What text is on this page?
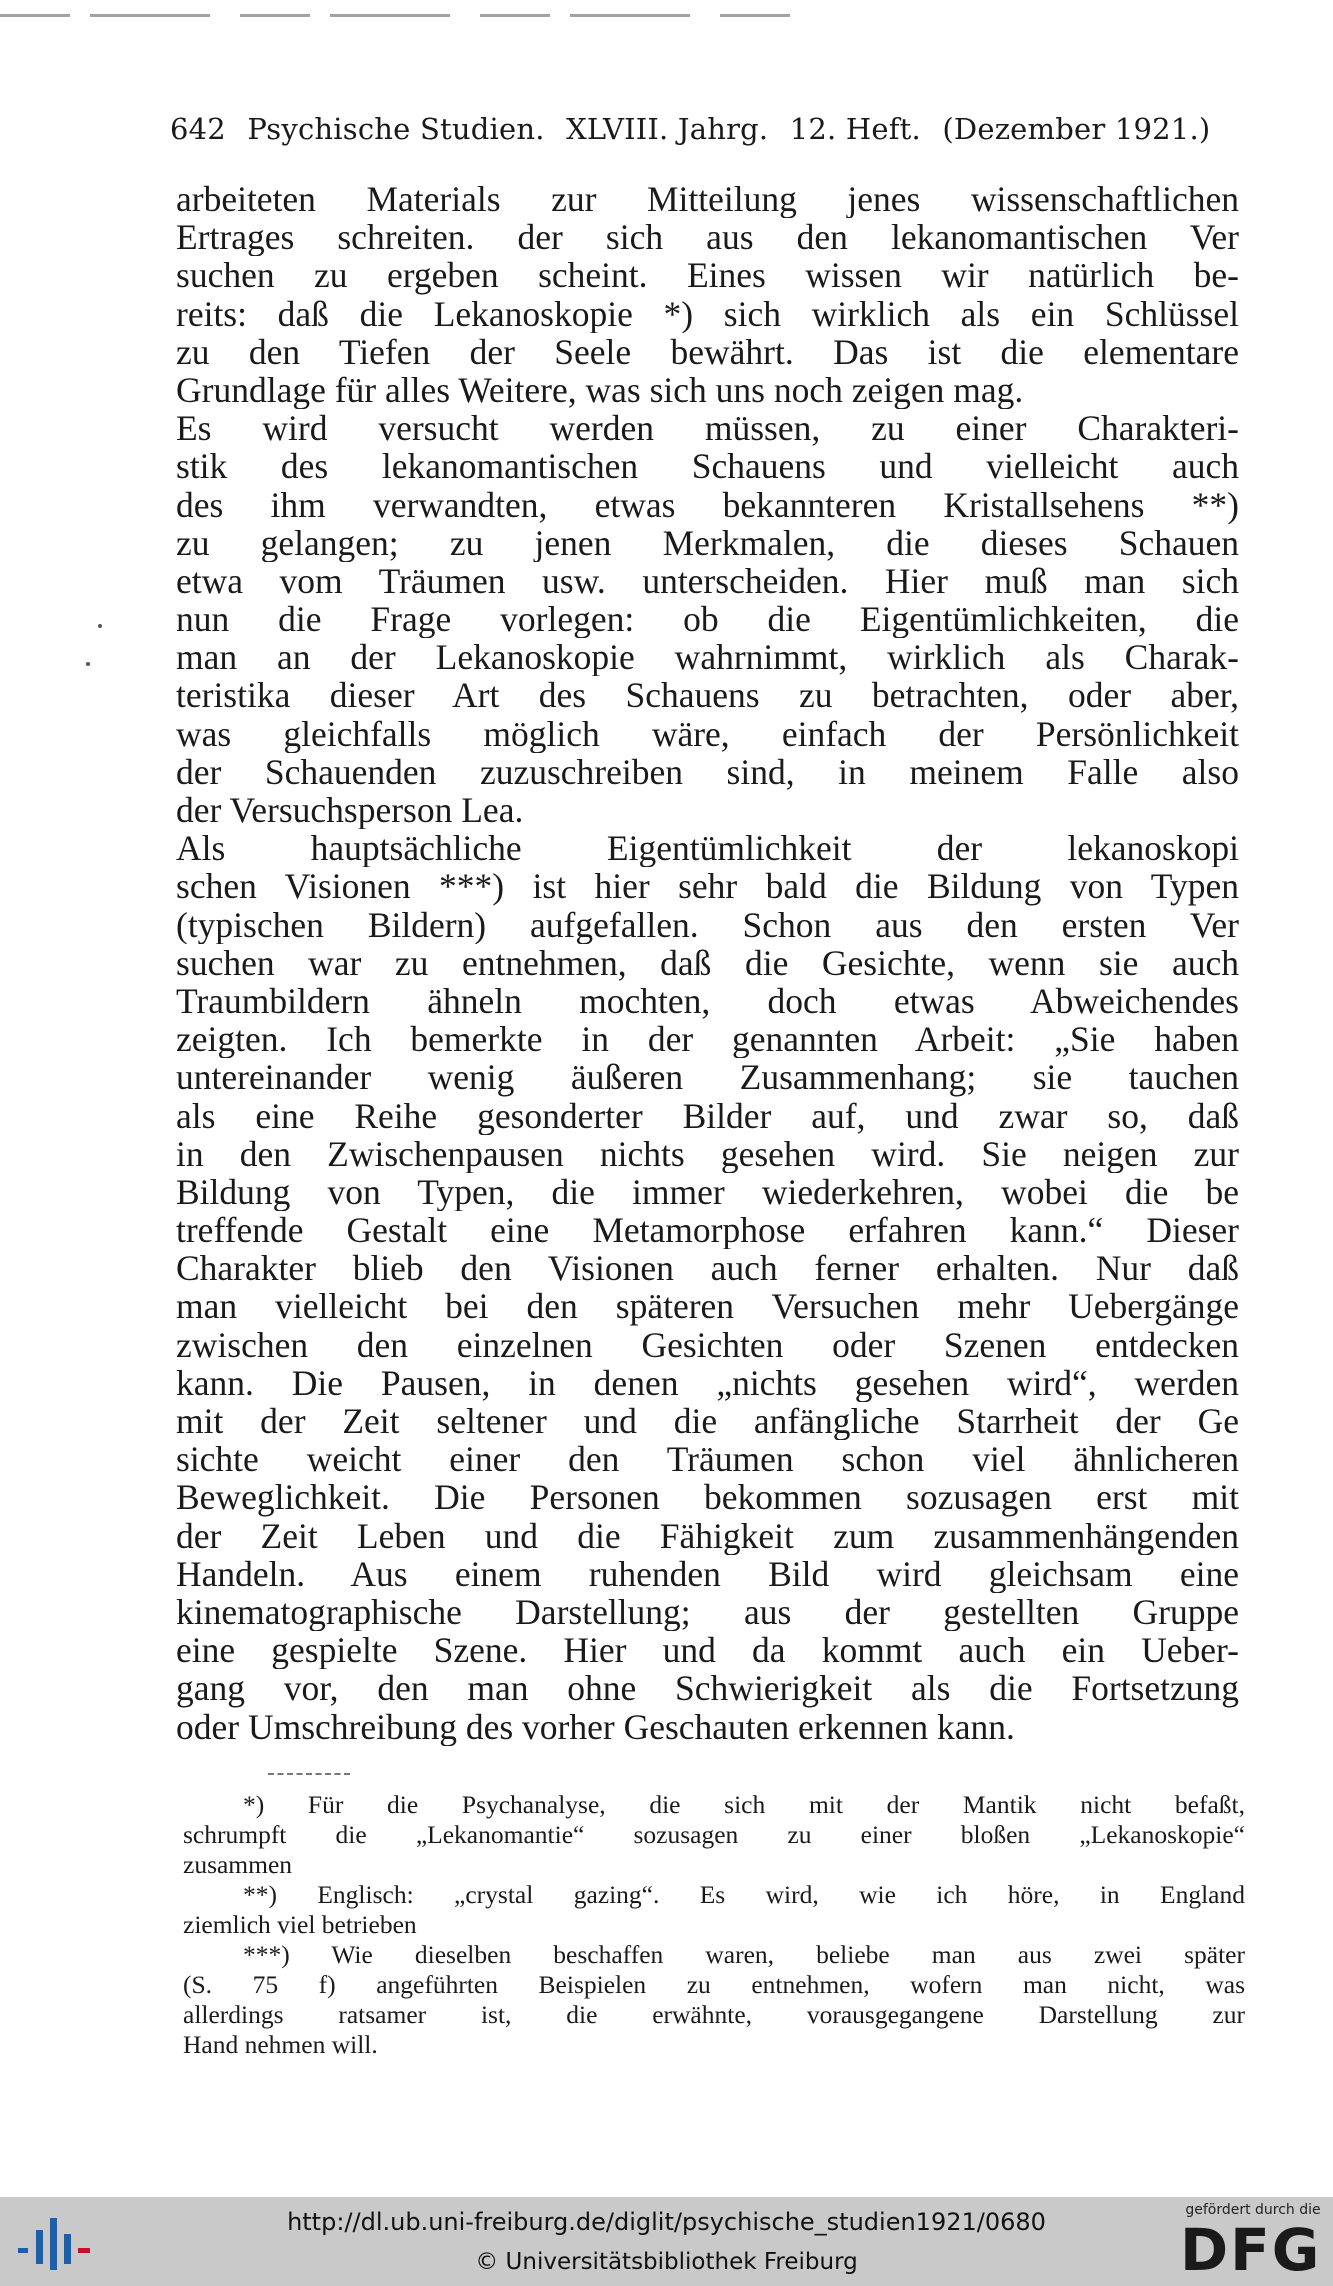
642 Psychische Studien. XLVIII. Jahrg. 12. Heft. (Dezember 1921.)
arbeiteten Materials zur Mitteilung jenes wissenschaftlichen
Ertrages schreiten. der sich aus den lekanomantischen Ver
suchen zu ergeben scheint. Eines wissen wir natürlich be-
reits: daß die Lekanoskopie *) sich wirklich als ein Schlüssel
zu den Tiefen der Seele bewährt. Das ist die elementare
Grundlage für alles Weitere, was sich uns noch zeigen mag.
Es wird versucht werden müssen, zu einer Charakteri-
stik des lekanomantischen Schauens und vielleicht auch
des ihm verwandten, etwas bekannteren Kristallsehens **)
zu gelangen; zu jenen Merkmalen, die dieses Schauen
etwa vom Träumen usw. unterscheiden. Hier muß man sich
nun die Frage vorlegen: ob die Eigentümlichkeiten, die
man an der Lekanoskopie wahrnimmt, wirklich als Charak-
teristika dieser Art des Schauens zu betrachten, oder aber,
was gleichfalls möglich wäre, einfach der Persönlichkeit
der Schauenden zuzuschreiben sind, in meinem Falle also
der Versuchsperson Lea.
Als hauptsächliche Eigentümlichkeit der lekanoskopi
schen Visionen ***) ist hier sehr bald die Bildung von Typen
(typischen Bildern) aufgefallen. Schon aus den ersten Ver
suchen war zu entnehmen, daß die Gesichte, wenn sie auch
Traumbildern ähneln mochten, doch etwas Abweichendes
zeigten. Ich bemerkte in der genannten Arbeit: „Sie haben
untereinander wenig äußeren Zusammenhang; sie tauchen
als eine Reihe gesonderter Bilder auf, und zwar so, daß
in den Zwischenpausen nichts gesehen wird. Sie neigen zur
Bildung von Typen, die immer wiederkehren, wobei die be
treffende Gestalt eine Metamorphose erfahren kann.“ Dieser
Charakter blieb den Visionen auch ferner erhalten. Nur daß
man vielleicht bei den späteren Versuchen mehr Uebergänge
zwischen den einzelnen Gesichten oder Szenen entdecken
kann. Die Pausen, in denen „nichts gesehen wird“, werden
mit der Zeit seltener und die anfängliche Starrheit der Ge
sichte weicht einer den Träumen schon viel ähnlicheren
Beweglichkeit. Die Personen bekommen sozusagen erst mit
der Zeit Leben und die Fähigkeit zum zusammenhängenden
Handeln. Aus einem ruhenden Bild wird gleichsam eine
kinematographische Darstellung; aus der gestellten Gruppe
eine gespielte Szene. Hier und da kommt auch ein Ueber-
gang vor, den man ohne Schwierigkeit als die Fortsetzung
oder Umschreibung des vorher Geschauten erkennen kann.
*) Für die Psychanalyse, die sich mit der Mantik nicht befaßt,
schrumpft die „Lekanomantie“ sozusagen zu einer bloßen „Lekanoskopie“
zusammen
**) Englisch: „crystal gazing“. Es wird, wie ich höre, in England
ziemlich viel betrieben
***) Wie dieselben beschaffen waren, beliebe man aus zwei später
(S. 75 f) angeführten Beispielen zu entnehmen, wofern man nicht, was
allerdings ratsamer ist, die erwähnte, vorausgegangene Darstellung zur
Hand nehmen will.
http://dl.ub.uni-freiburg.de/diglit/psychische_studien1921/0680
© Universitätsbibliothek Freiburg
gefördert durch die
DFG
